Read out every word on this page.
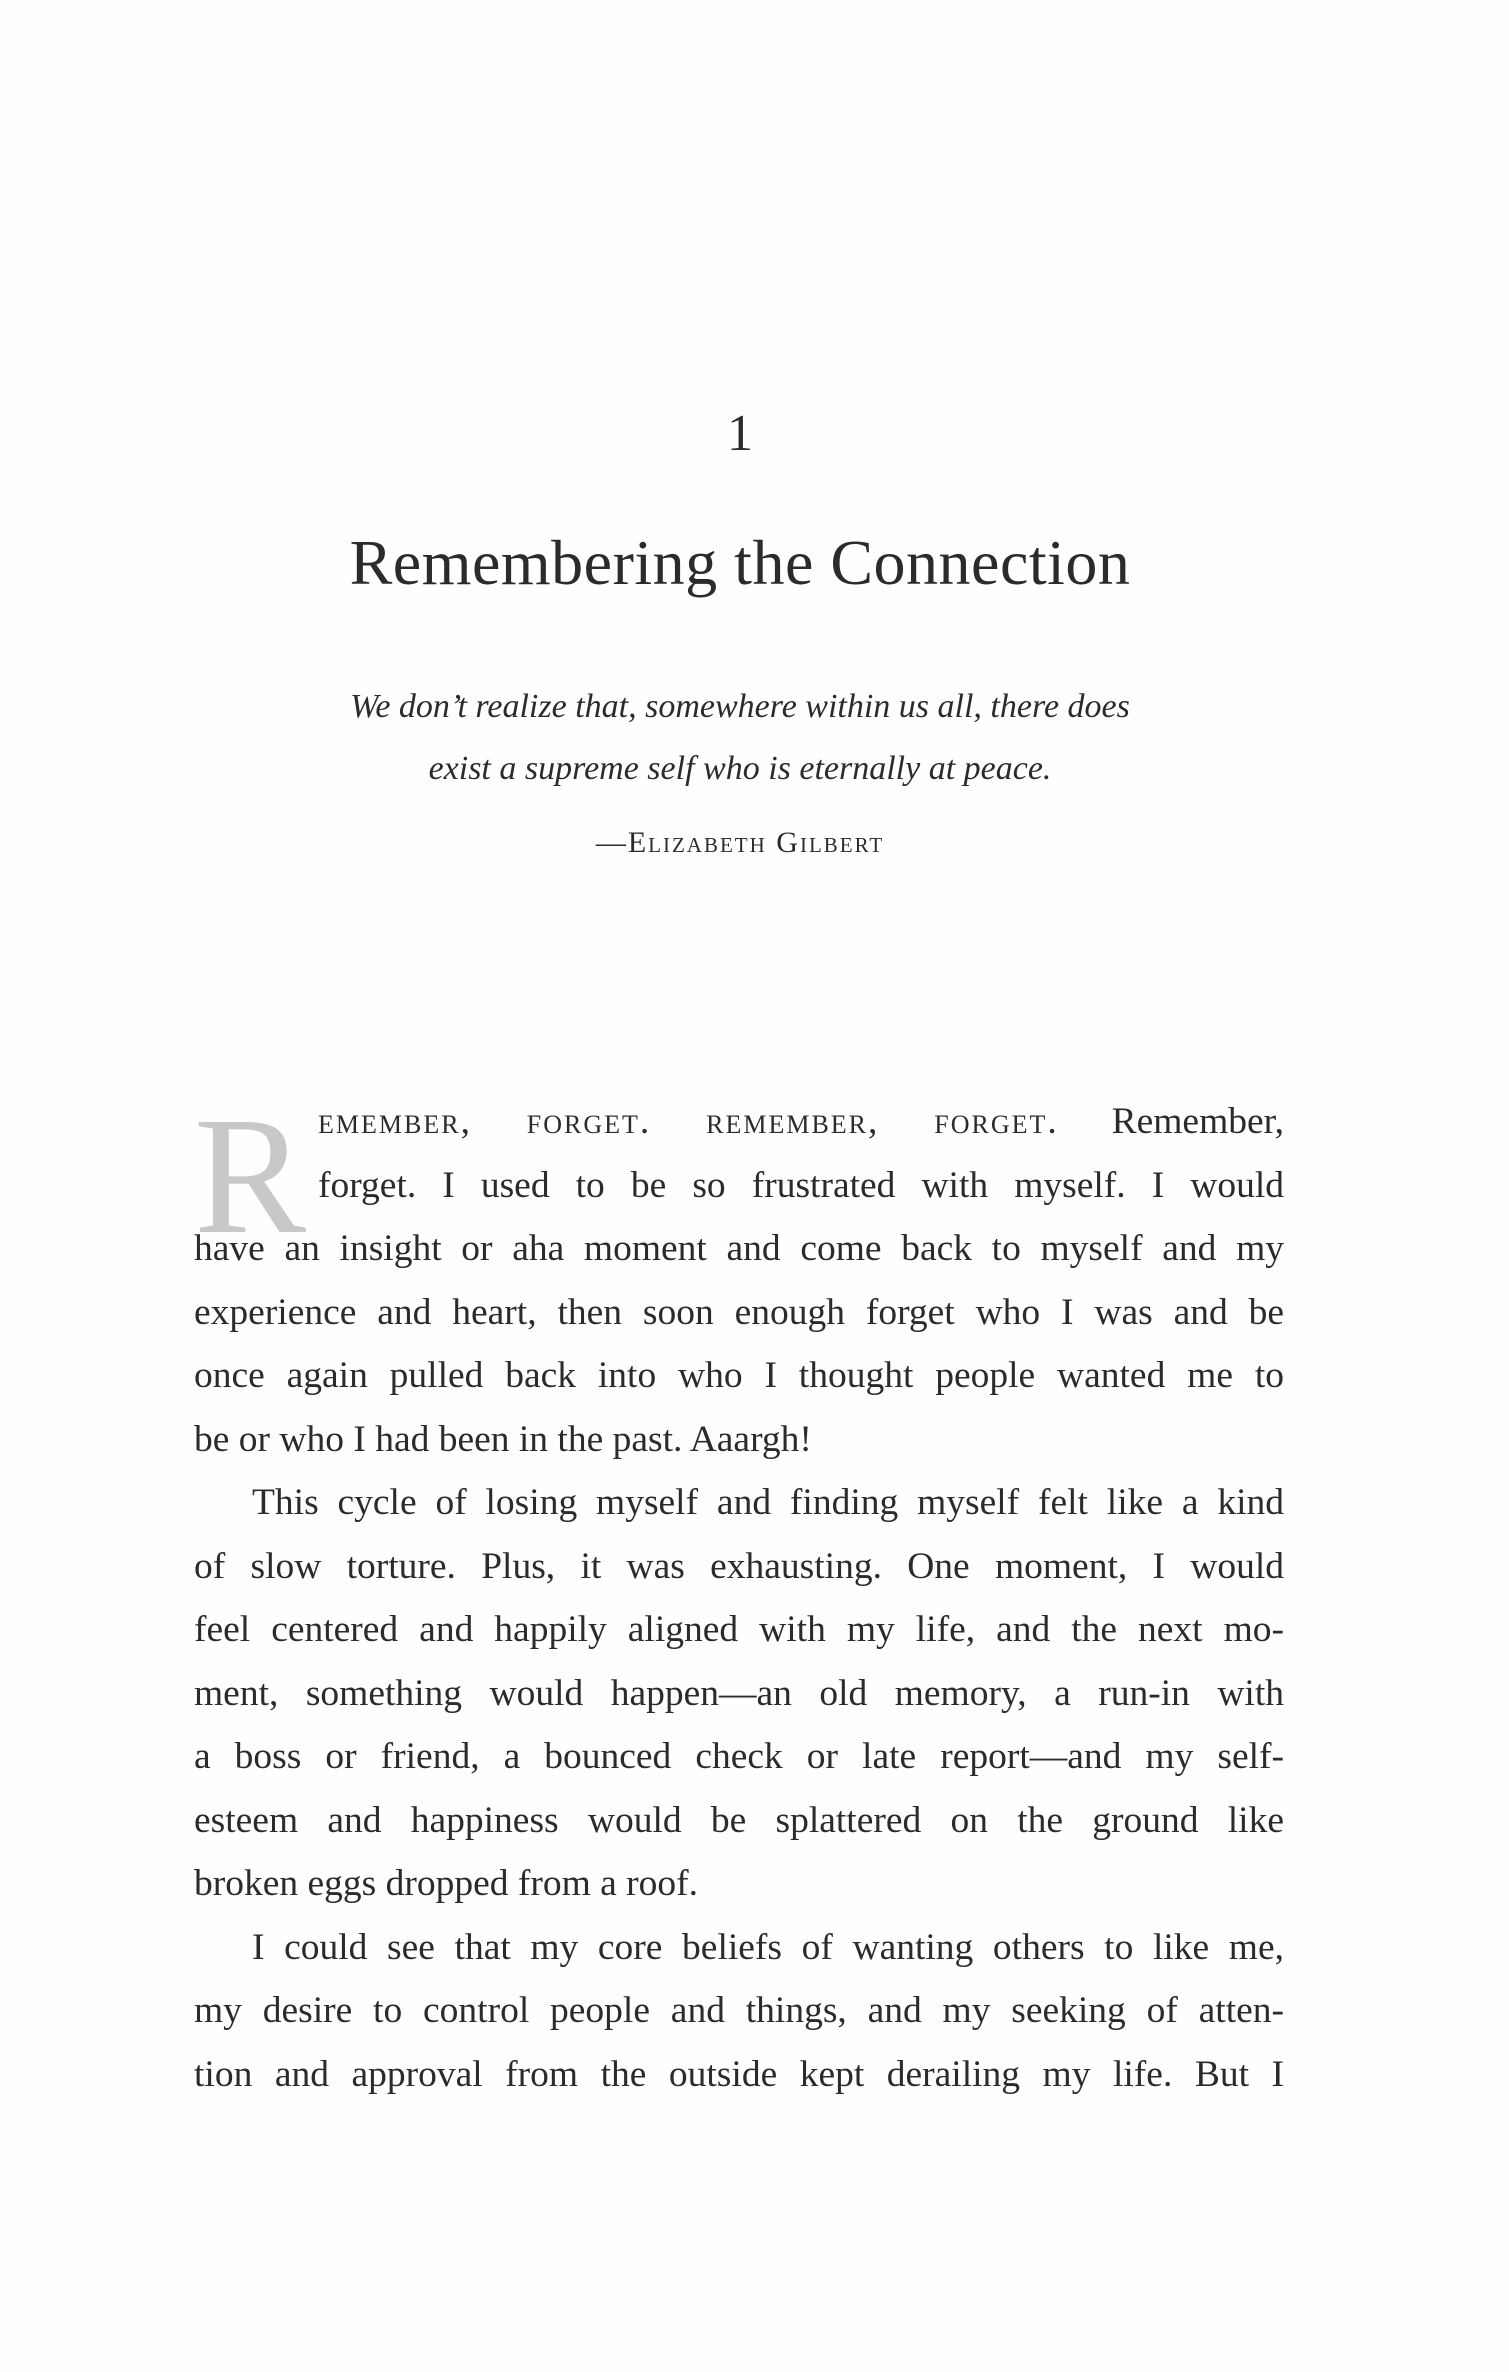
1
Remembering the Connection
We don’t realize that, somewhere within us all, there does
exist a supreme self who is eternally at peace.
—Elizabeth Gilbert
R emember, forget. remember, forget. Remember,
forget. I used to be so frustrated with myself. I would
have an insight or aha moment and come back to myself and my
experience and heart, then soon enough forget who I was and be
once again pulled back into who I thought people wanted me to
be or who I had been in the past. Aaargh!
This cycle of losing myself and finding myself felt like a kind
of slow torture. Plus, it was exhausting. One moment, I would
feel centered and happily aligned with my life, and the next mo-
ment, something would happen—an old memory, a run-in with
a boss or friend, a bounced check or late report—and my self-
esteem and happiness would be splattered on the ground like
broken eggs dropped from a roof.
I could see that my core beliefs of wanting others to like me,
my desire to control people and things, and my seeking of atten-
tion and approval from the outside kept derailing my life. But I
